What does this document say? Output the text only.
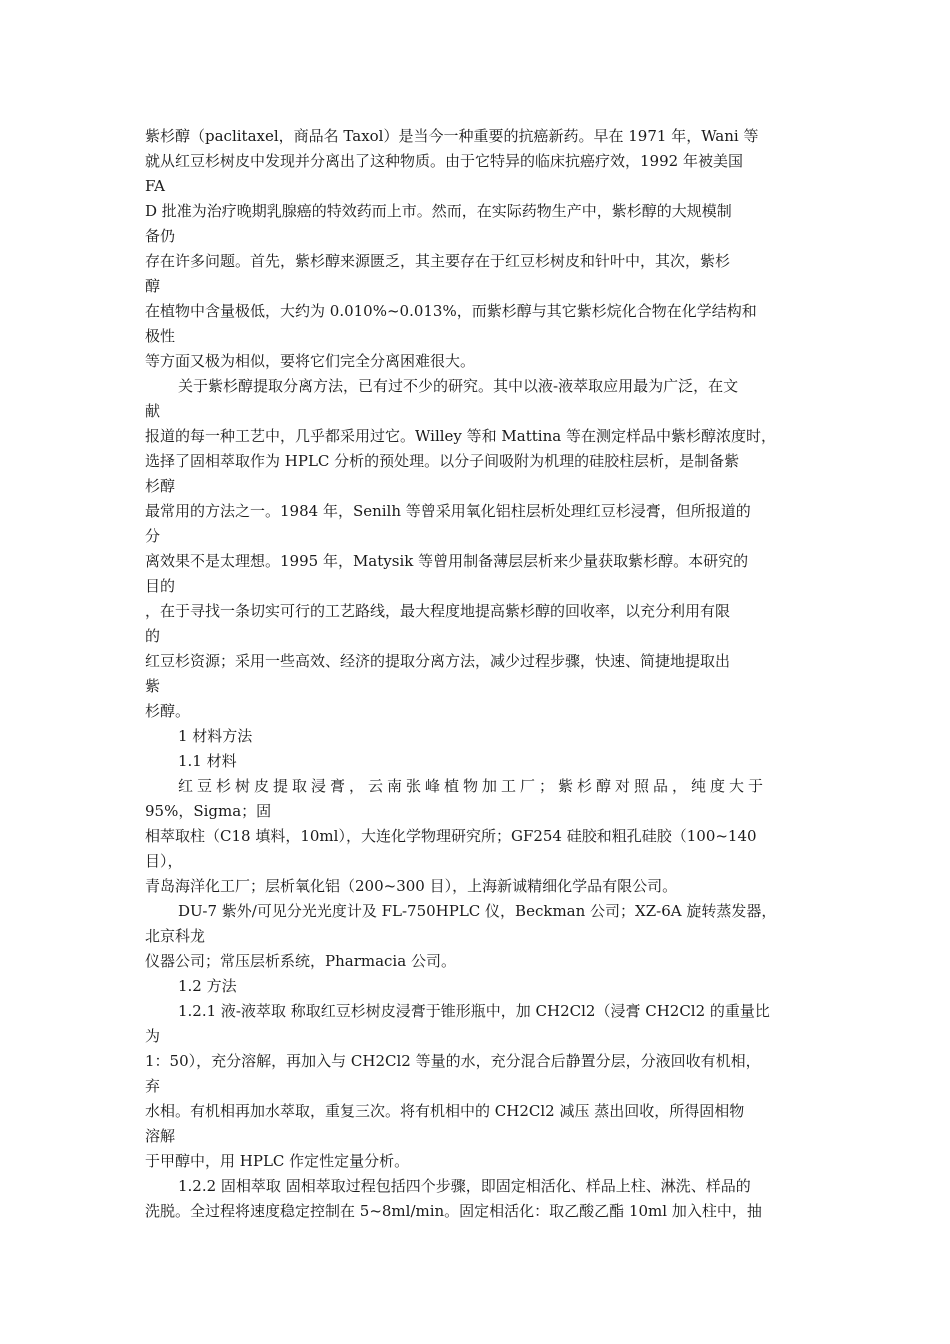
紫杉醇（paclitaxel，商品名 Taxol）是当今一种重要的抗癌新药。早在 1971 年，Wani 等
就从红豆杉树皮中发现并分离出了这种物质。由于它特异的临床抗癌疗效，1992 年被美国
FA
D 批准为治疗晚期乳腺癌的特效药而上市。然而，在实际药物生产中，紫杉醇的大规模制
备仍
存在许多问题。首先，紫杉醇来源匮乏，其主要存在于红豆杉树皮和针叶中，其次，紫杉
醇
在植物中含量极低，大约为 0.010%~0.013%，而紫杉醇与其它紫杉烷化合物在化学结构和
极性
等方面又极为相似，要将它们完全分离困难很大。
关于紫杉醇提取分离方法，已有过不少的研究。其中以液-液萃取应用最为广泛，在文
献
报道的每一种工艺中，几乎都采用过它。Willey 等和 Mattina 等在测定样品中紫杉醇浓度时，
选择了固相萃取作为 HPLC 分析的预处理。以分子间吸附为机理的硅胶柱层析，是制备紫
杉醇
最常用的方法之一。1984 年，Senilh 等曾采用氧化铝柱层析处理红豆杉浸膏，但所报道的
分
离效果不是太理想。1995 年，Matysik 等曾用制备薄层层析来少量获取紫杉醇。本研究的
目的
，在于寻找一条切实可行的工艺路线，最大程度地提高紫杉醇的回收率，以充分利用有限
的
红豆杉资源；采用一些高效、经济的提取分离方法，减少过程步骤，快速、简捷地提取出
紫
杉醇。
1 材料方法
1.1 材料
红豆杉树皮提取浸膏，云南张峰植物加工厂；紫杉醇对照品，纯度大于
95%，Sigma；固
相萃取柱（C18 填料，10ml），大连化学物理研究所；GF254 硅胶和粗孔硅胶（100~140
目），
青岛海洋化工厂；层析氧化铝（200~300 目），上海新诚精细化学品有限公司。
DU-7 紫外/可见分光光度计及 FL-750HPLC 仪，Beckman 公司；XZ-6A 旋转蒸发器，
北京科龙
仪器公司；常压层析系统，Pharmacia 公司。
1.2 方法
1.2.1 液-液萃取 称取红豆杉树皮浸膏于锥形瓶中，加 CH2Cl2（浸膏 CH2Cl2 的重量比
为
1：50），充分溶解，再加入与 CH2Cl2 等量的水，充分混合后静置分层，分液回收有机相，
弃
水相。有机相再加水萃取，重复三次。将有机相中的 CH2Cl2 减压 蒸出回收，所得固相物
溶解
于甲醇中，用 HPLC 作定性定量分析。
1.2.2 固相萃取 固相萃取过程包括四个步骤，即固定相活化、样品上柱、淋洗、样品的
洗脱。全过程将速度稳定控制在 5~8ml/min。固定相活化：取乙酸乙酯 10ml 加入柱中，抽
